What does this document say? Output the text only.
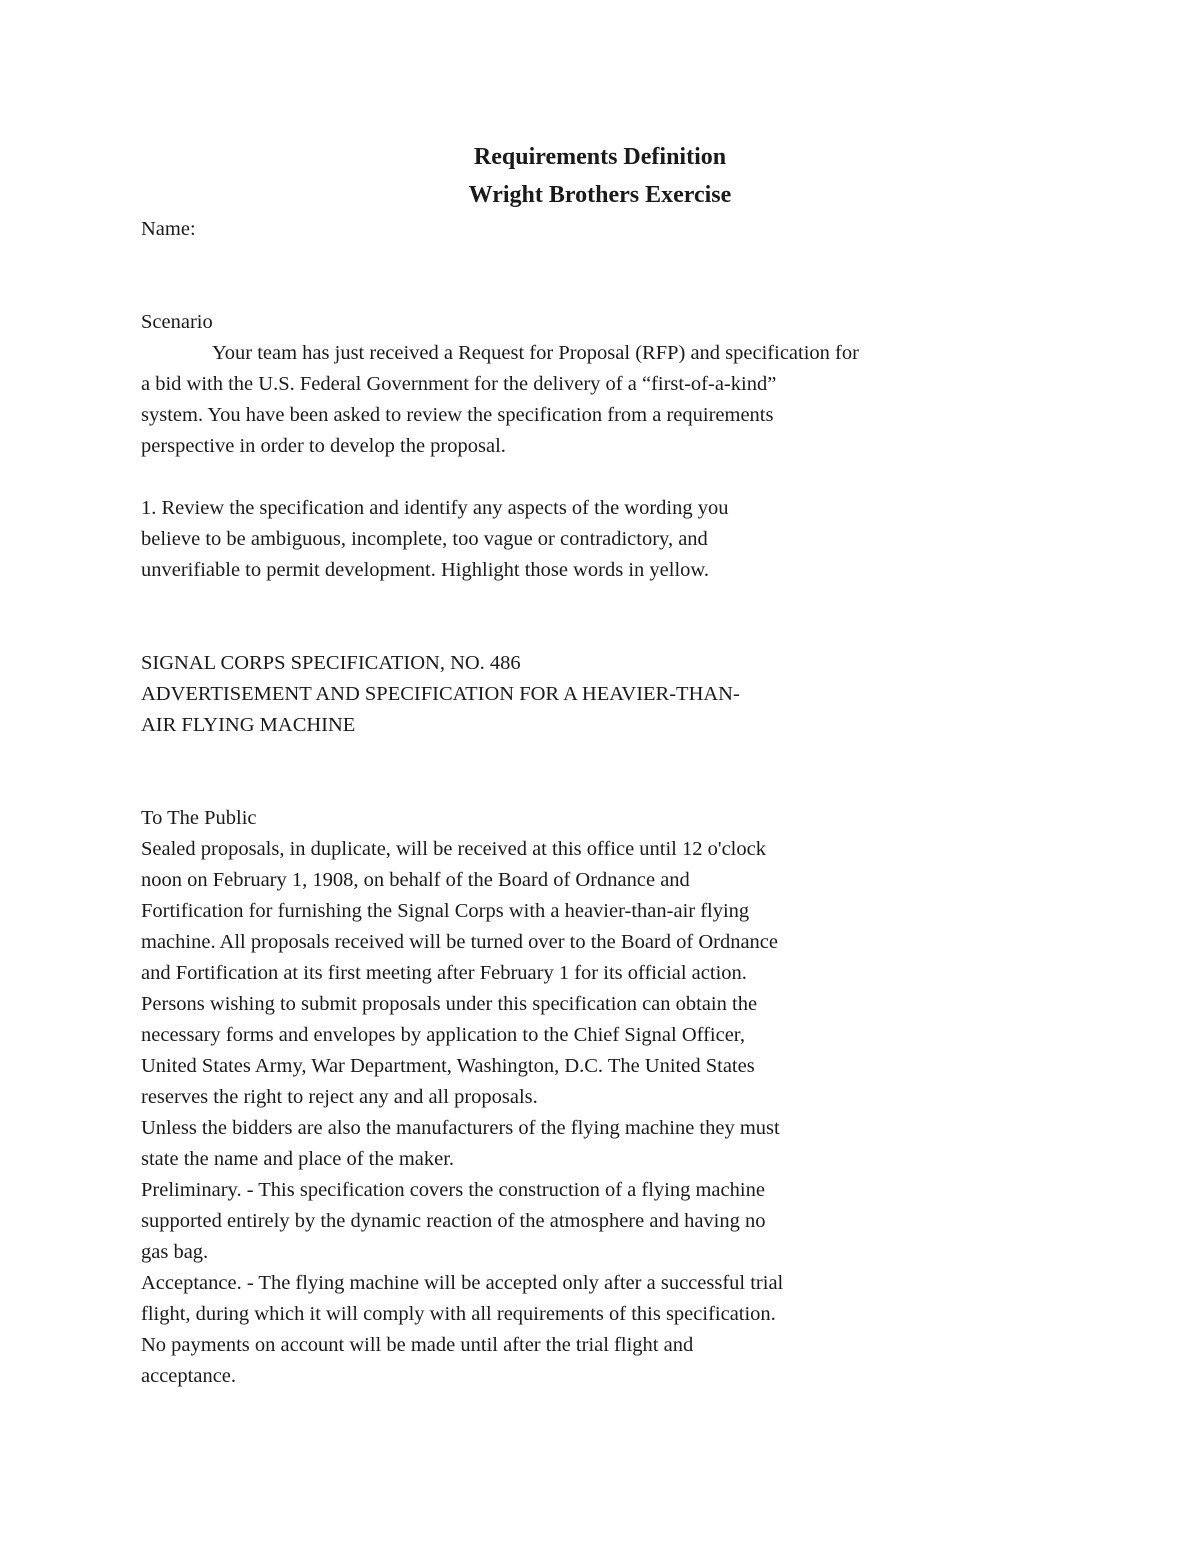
Requirements Definition
Wright Brothers Exercise

Name:

Scenario

Your team has just received a Request for Proposal (RFP) and specification for

a bid with the U.S. Federal Government for the delivery of a “first-of-a-kind”

system. You have been asked to review the specification from a requirements

perspective in order to develop the proposal.

1. Review the specification and identify any aspects of the wording you

believe to be ambiguous, incomplete, too vague or contradictory, and

unverifiable to permit development. Highlight those words in yellow.

SIGNAL CORPS SPECIFICATION, NO. 486

ADVERTISEMENT AND SPECIFICATION FOR A HEAVIER-THAN-

AIR FLYING MACHINE

To The Public

Sealed proposals, in duplicate, will be received at this office until 12 o'clock

noon on February 1, 1908, on behalf of the Board of Ordnance and

Fortification for furnishing the Signal Corps with a heavier-than-air flying

machine. All proposals received will be turned over to the Board of Ordnance

and Fortification at its first meeting after February 1 for its official action.

Persons wishing to submit proposals under this specification can obtain the

necessary forms and envelopes by application to the Chief Signal Officer,

United States Army, War Department, Washington, D.C. The United States

reserves the right to reject any and all proposals.

Unless the bidders are also the manufacturers of the flying machine they must

state the name and place of the maker.

Preliminary. - This specification covers the construction of a flying machine

supported entirely by the dynamic reaction of the atmosphere and having no

gas bag.

Acceptance. - The flying machine will be accepted only after a successful trial

flight, during which it will comply with all requirements of this specification.

No payments on account will be made until after the trial flight and

acceptance.
